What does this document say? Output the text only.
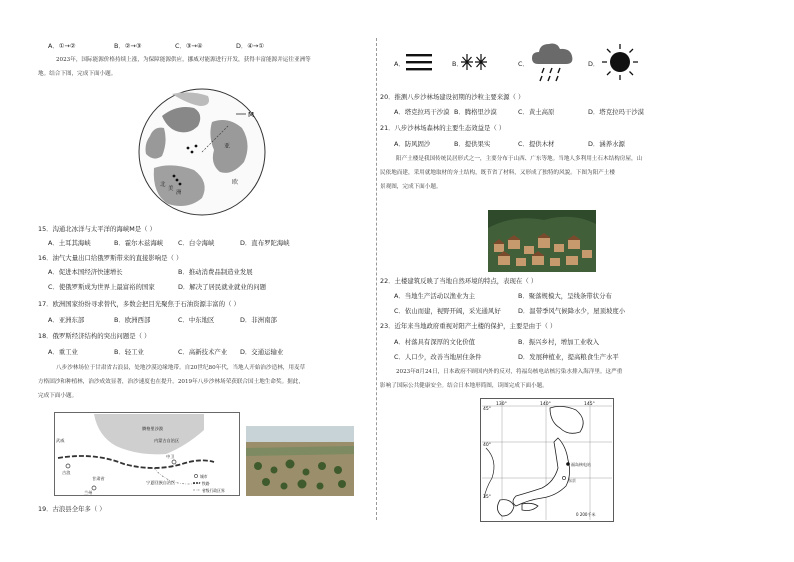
A．①→②	B．②→③	C．③→④	D．④→①
2023年，国际能源价格持续上涨，为保障能源供应，挪威对能源进行开发，获得丰富能源并运往亚洲等
地。结合下图，完成下面小题。
M
欧
亚
北
美
洲
15．沟通北冰洋与太平洋的海峡M是（ ）
A．土耳其海峡	B．霍尔木兹海峡 C．白令海峡	D．直布罗陀海峡
16．油气大量出口给俄罗斯带来的直接影响是（ ）
A．促进本国经济快速增长	B．推动消费品制造业发展
C．使俄罗斯成为世界上最富裕的国家	D．解决了居民就业就业的问题
17．欧洲国家纷纷寻求替代，多数会把目光聚焦于石油资源丰富的（ ）
A．亚洲东部	B．欧洲西部	C．中东地区	D．非洲南部
18．俄罗斯经济结构的突出问题是（ ）
A．重工业	B．轻工业	C．高新技术产业 D．交通运输业
八步沙林场位于甘肃省古浪县，处地沙漠边缘地带。自20世纪80年代，当地人开始治沙造林，用麦草
方格固沙和种植林，治沙成效显著，治沙速度也在提升。2019年八步沙林场荣获联合国土地生命奖。据此，
完成下面小题。
腾格里沙漠
内蒙古自治区
武威
古浪
甘肃省
兰州
宁夏回族自治区
中卫
城市
铁路
省级行政区界
19．古浪县全年多（ ）
A．	B．	C．	D．
20．推测八步沙林场建设初期的沙粒主要来源（ ）
A．塔克拉玛干沙漠 B．腾格里沙漠	C．黄土高原	D．塔克拉玛干沙漠
21．八步沙林场森林的主要生态效益是（ ）
A．防风固沙	B．提供果实	C．提供木材	D．涵养水源
阳产土楼是我国传统民居形式之一，主要分布于山西、广东等地。当地人多利用土石木结构房屋，山
民依地而建，采用就地取材的夯土结构，既节省了材料，又形成了独特的风貌。下图为阳产土楼
景观图，完成下面小题。
22．土楼建筑反映了当地自然环境的特点，表现在（ ）
A．当地生产活动以渔业为主	B．聚落规模大，呈线条带状分布
C．依山而建，视野开阔，采光通风好	D．温带季风气候降水少，屋顶坡度小
23．近年来当地政府重视对阳产土楼的保护，主要是由于（ ）
A．村落具有深厚的文化价值	B．振兴乡村，增加工业收入
C．人口少，改善当地居住条件	D．发展种植业，提高粮食生产水平
2023年8月24日，日本政府不顾国内外的反对，将福岛核电站核污染水排入海洋里。这严重
影响了国际公共健康安全。结合日本地形简图，读图完成下面小题。
45°
40°
35°
130°	140°	145°
福岛核电站
东京
0 200千米
